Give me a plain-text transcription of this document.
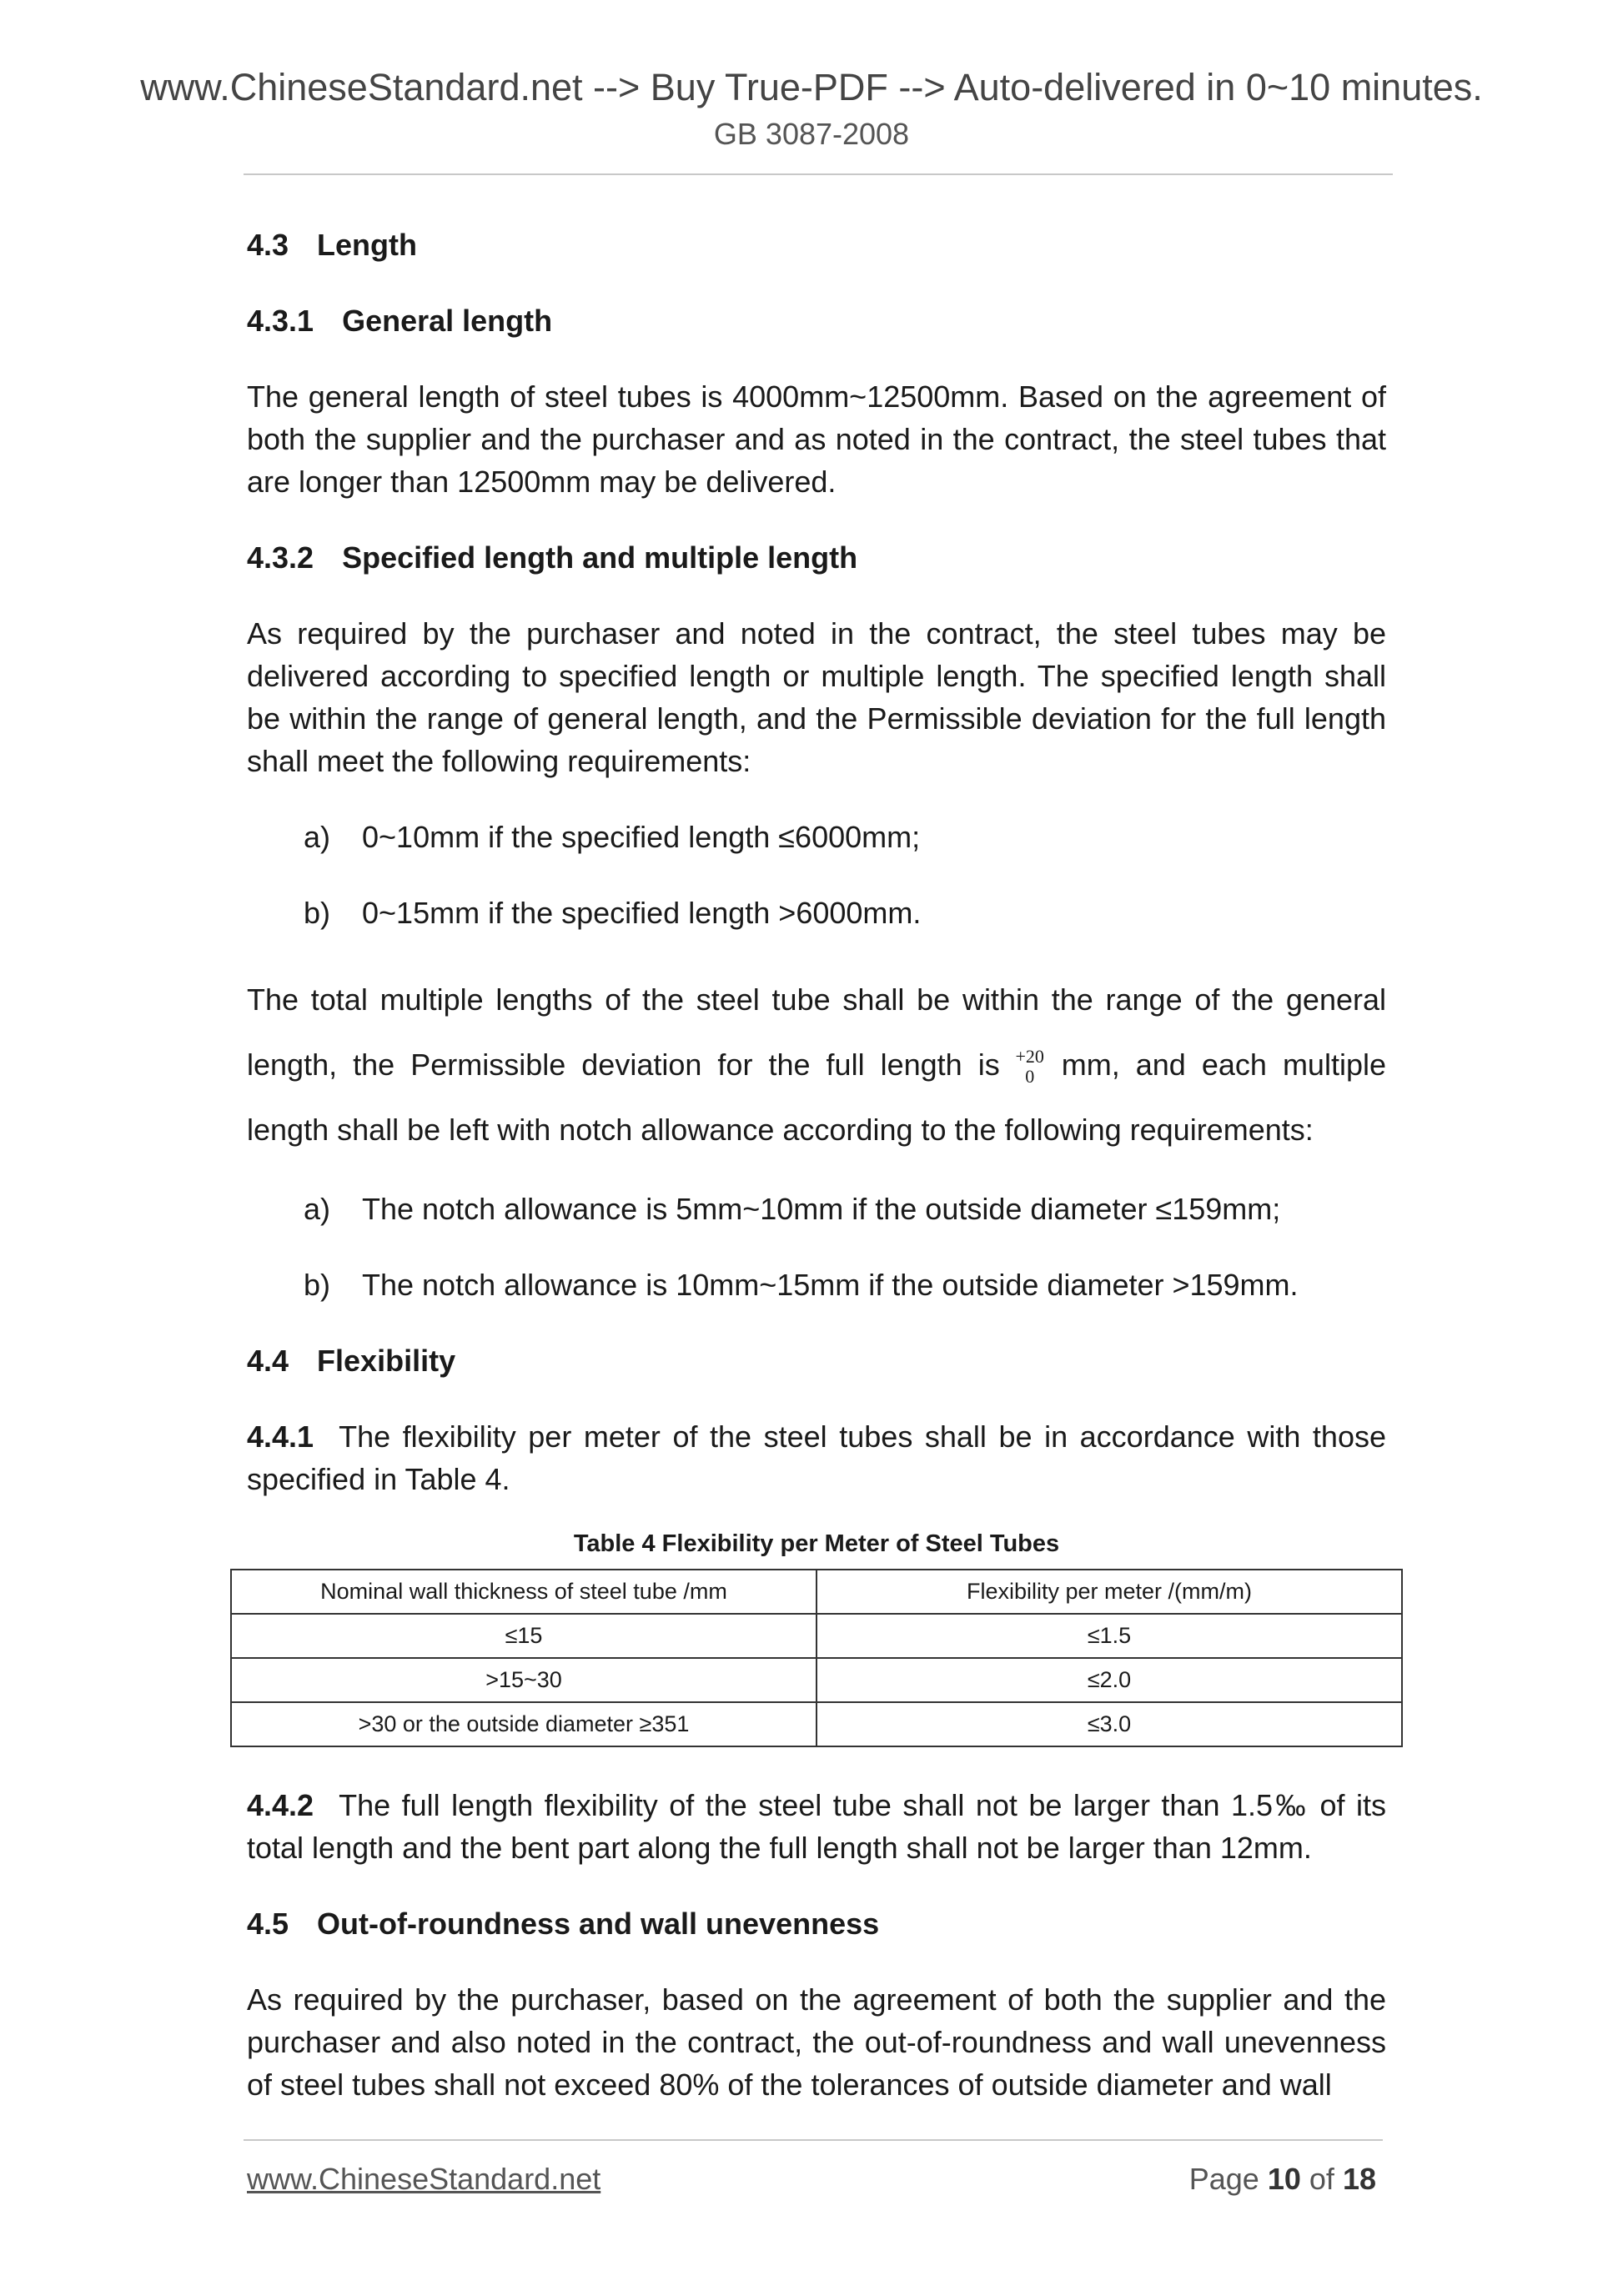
www.ChineseStandard.net --> Buy True-PDF --> Auto-delivered in 0~10 minutes.
GB 3087-2008
4.3 Length
4.3.1 General length

The general length of steel tubes is 4000mm~12500mm. Based on the agreement of both the supplier and the purchaser and as noted in the contract, the steel tubes that are longer than 12500mm may be delivered.

4.3.2 Specified length and multiple length

As required by the purchaser and noted in the contract, the steel tubes may be delivered according to specified length or multiple length. The specified length shall be within the range of general length, and the Permissible deviation for the full length shall meet the following requirements:

a) 0~10mm if the specified length ≤6000mm;
b) 0~15mm if the specified length >6000mm.

The total multiple lengths of the steel tube shall be within the range of the general length, the Permissible deviation for the full length is +20
0 mm, and each multiple length shall be left with notch allowance according to the following requirements:

a) The notch allowance is 5mm~10mm if the outside diameter ≤159mm;
b) The notch allowance is 10mm~15mm if the outside diameter >159mm.
4.4 Flexibility

4.4.1 The flexibility per meter of the steel tubes shall be in accordance with those specified in Table 4.

Table 4 Flexibility per Meter of Steel Tubes
Nominal wall thickness of steel tube /mm	Flexibility per meter /(mm/m)
≤15	≤1.5
>15~30	≤2.0
>30 or the outside diameter ≥351	≤3.0

4.4.2 The full length flexibility of the steel tube shall not be larger than 1.5‰ of its total length and the bent part along the full length shall not be larger than 12mm.

4.5 Out-of-roundness and wall unevenness

As required by the purchaser, based on the agreement of both the supplier and the purchaser and also noted in the contract, the out-of-roundness and wall unevenness of steel tubes shall not exceed 80% of the tolerances of outside diameter and wall

www.ChineseStandard.net	Page 10 of 18
